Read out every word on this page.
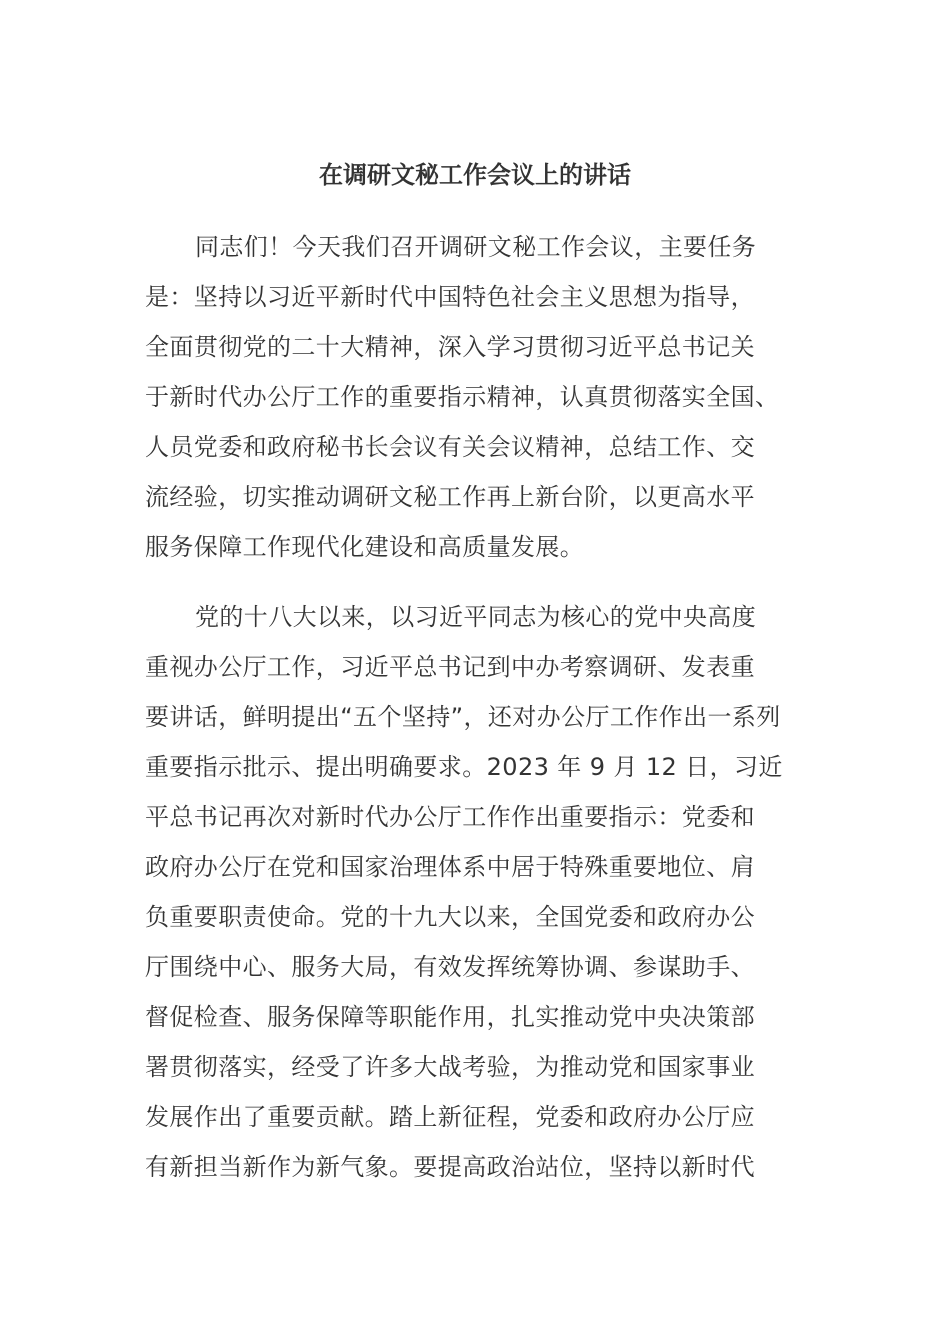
在调研文秘工作会议上的讲话
同志们！今天我们召开调研文秘工作会议，主要任务
是：坚持以习近平新时代中国特色社会主义思想为指导，
全面贯彻党的二十大精神，深入学习贯彻习近平总书记关
于新时代办公厅工作的重要指示精神，认真贯彻落实全国、
人员党委和政府秘书长会议有关会议精神，总结工作、交
流经验，切实推动调研文秘工作再上新台阶，以更高水平
服务保障工作现代化建设和高质量发展。
党的十八大以来，以习近平同志为核心的党中央高度
重视办公厅工作，习近平总书记到中办考察调研、发表重
要讲话，鲜明提出“五个坚持”，还对办公厅工作作出一系列
重要指示批示、提出明确要求。2023 年 9 月 12 日，习近
平总书记再次对新时代办公厅工作作出重要指示：党委和
政府办公厅在党和国家治理体系中居于特殊重要地位、肩
负重要职责使命。党的十九大以来，全国党委和政府办公
厅围绕中心、服务大局，有效发挥统筹协调、参谋助手、
督促检查、服务保障等职能作用，扎实推动党中央决策部
署贯彻落实，经受了许多大战考验，为推动党和国家事业
发展作出了重要贡献。踏上新征程，党委和政府办公厅应
有新担当新作为新气象。要提高政治站位，坚持以新时代
